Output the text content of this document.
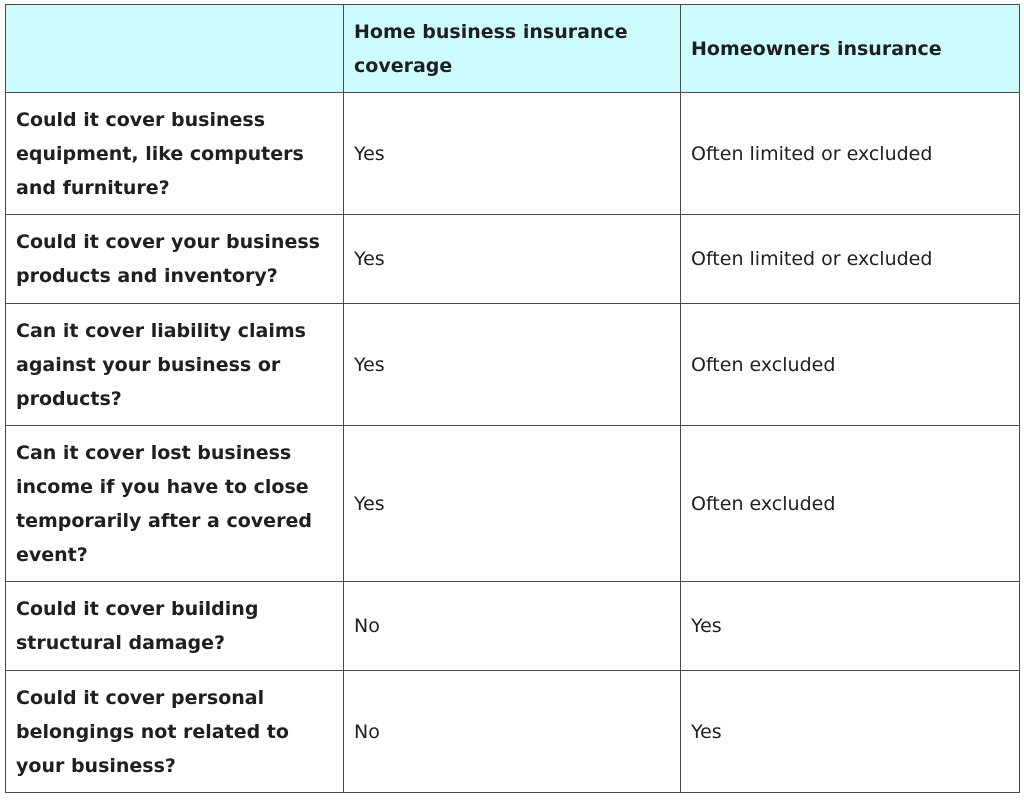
	Home business insurance coverage	Homeowners insurance
Could it cover business equipment, like computers and furniture?	Yes	Often limited or excluded
Could it cover your business products and inventory?	Yes	Often limited or excluded
Can it cover liability claims against your business or products?	Yes	Often excluded
Can it cover lost business income if you have to close temporarily after a covered event?	Yes	Often excluded
Could it cover building structural damage?	No	Yes
Could it cover personal belongings not related to your business?	No	Yes
